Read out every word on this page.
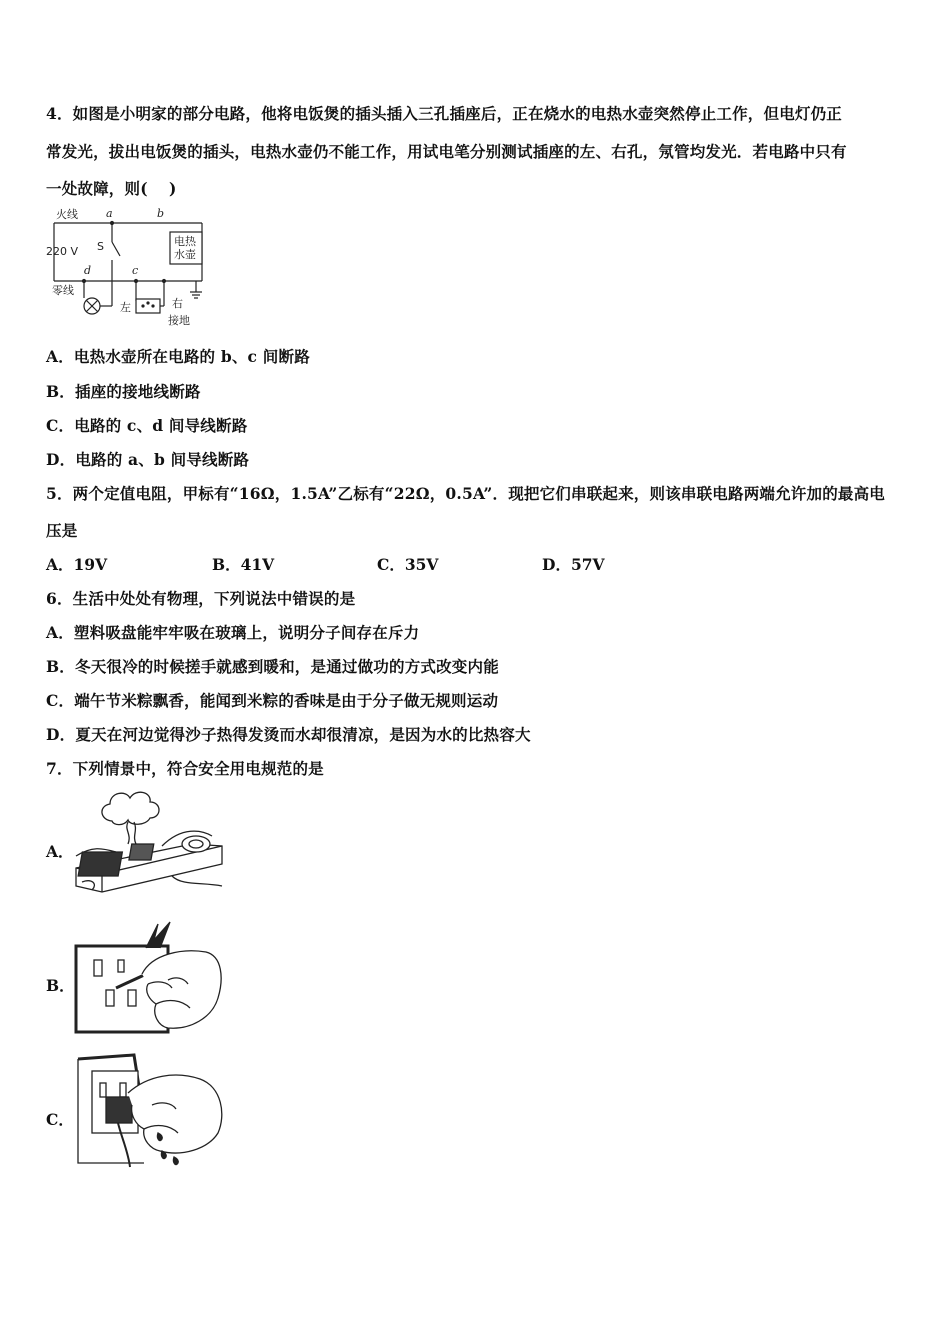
4．如图是小明家的部分电路，他将电饭煲的插头插入三孔插座后，正在烧水的电热水壶突然停止工作，但电灯仍正
常发光，拔出电饭煲的插头，电热水壶仍不能工作，用试电笔分别测试插座的左、右孔，氖管均发光．若电路中只有
一处故障，则(　 )
火线
220 V
零线
a	b
c
d
S	电热
水壶
左	右
接地
A．电热水壶所在电路的 b、c 间断路
B．插座的接地线断路
C．电路的 c、d 间导线断路
D．电路的 a、b 间导线断路
5．两个定值电阻，甲标有“16Ω，1.5A”乙标有“22Ω，0.5A”．现把它们串联起来，则该串联电路两端允许加的最高电
压是
A．19V	B．41V	C．35V	D．57V
6．生活中处处有物理，下列说法中错误的是
A．塑料吸盘能牢牢吸在玻璃上，说明分子间存在斥力
B．冬天很冷的时候搓手就感到暖和，是通过做功的方式改变内能
C．端午节米粽飘香，能闻到米粽的香味是由于分子做无规则运动
D．夏天在河边觉得沙子热得发烫而水却很清凉，是因为水的比热容大
7．下列情景中，符合安全用电规范的是
A．
B．
C．
